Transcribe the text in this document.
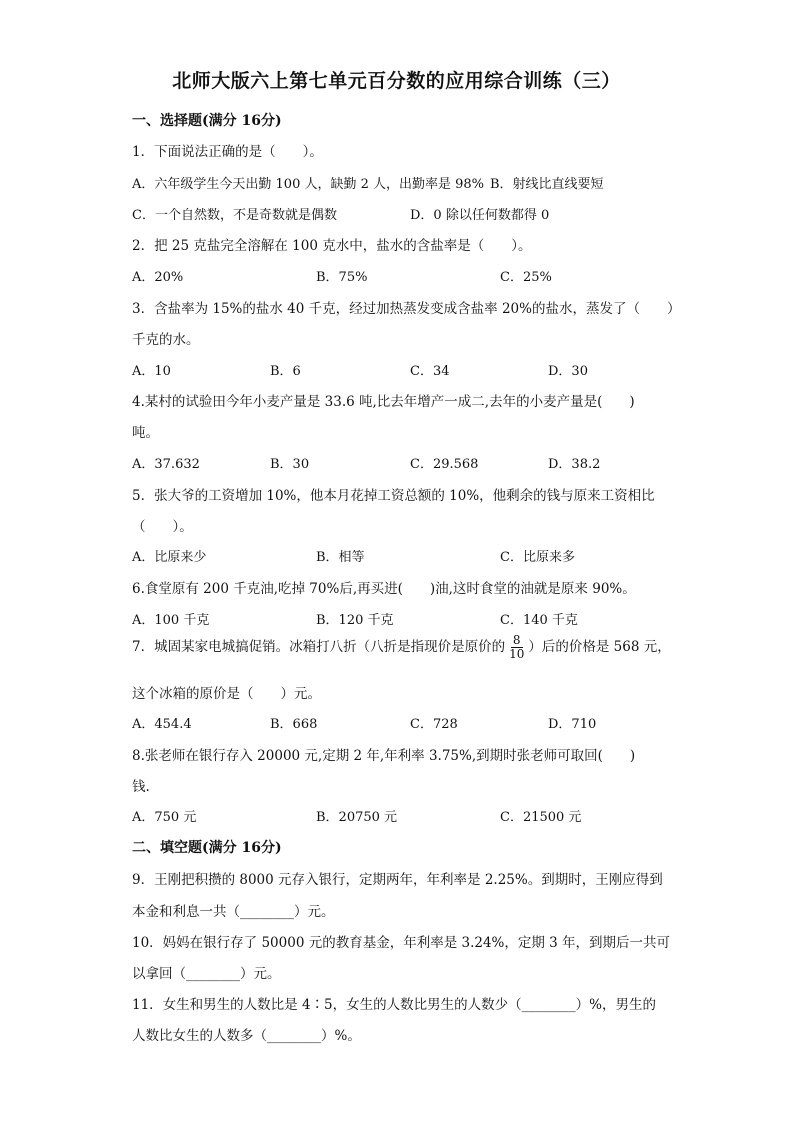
北师大版六上第七单元百分数的应用综合训练（三）
一、选择题(满分 16分)
1．下面说法正确的是（　　）。
A．六年级学生今天出勤 100 人，缺勤 2 人，出勤率是 98% B．射线比直线要短
C．一个自然数，不是奇数就是偶数	D．0 除以任何数都得 0
2．把 25 克盐完全溶解在 100 克水中，盐水的含盐率是（　　）。
A．20%	B．75%	C．25%
3．含盐率为 15%的盐水 40 千克，经过加热蒸发变成含盐率 20%的盐水，蒸发了（　　）
千克的水。
A．10	B．6	C．34	D．30
4.某村的试验田今年小麦产量是 33.6 吨,比去年增产一成二,去年的小麦产量是(　　)
吨。
A．37.632	B．30	C．29.568	D．38.2
5．张大爷的工资增加 10%，他本月花掉工资总额的 10%，他剩余的钱与原来工资相比
（　　）。
A．比原来少	B．相等	C．比原来多
6.食堂原有 200 千克油,吃掉 70%后,再买进(　　)油,这时食堂的油就是原来 90%。
A．100 千克	B．120 千克	C．140 千克
7．城固某家电城搞促销。冰箱打八折（八折是指现价是原价的 $\frac{8}{10}$ ）后的价格是 568 元，
这个冰箱的原价是（　　）元。
A．454.4	B．668	C．728	D．710
8.张老师在银行存入 20000 元,定期 2 年,年利率 3.75%,到期时张老师可取回(　　)
钱.
A．750 元	B．20750 元	C．21500 元
二、填空题(满分 16分)
9．王刚把积攒的 8000 元存入银行，定期两年，年利率是 2.25%。到期时，王刚应得到
本金和利息一共（________）元。
10．妈妈在银行存了 50000 元的教育基金，年利率是 3.24%，定期 3 年，到期后一共可
以拿回（________）元。
11．女生和男生的人数比是 4∶5，女生的人数比男生的人数少（________）%，男生的
人数比女生的人数多（________）%。
